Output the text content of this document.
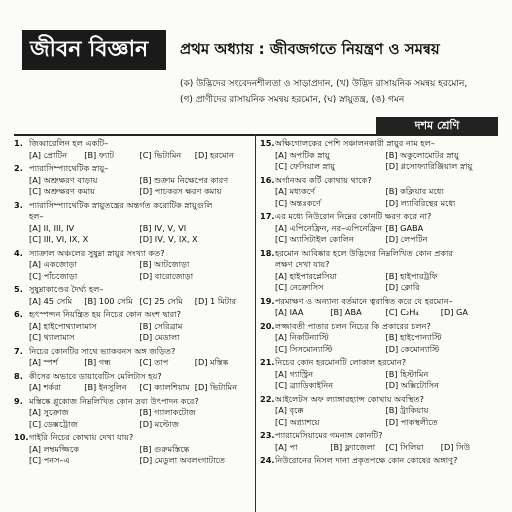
জীবন বিজ্ঞান	প্রথম অধ্যায় : জীবজগতে নিয়ন্ত্রণ ও সমন্বয়
(ক) উদ্ভিদের সংবেদনশীলতা ও সাড়াপ্রদান, (খ) উদ্ভিদ রাসায়নিক সমন্বয় হরমোন,
(গ) প্রাণীদের রাসায়নিক সমন্বয় হরমোন, (ঘ) স্নায়ুতন্ত্র, (ঙ) গমন
দশম শ্রেণি
1. জিব্বারেলিন হল একটি–
[A] প্রোটিন	[B] ফ্যাট	[C] ভিটামিন	[D] হরমোন
2. প্যারাসিম্প্যাথেটিক স্নায়ু–
[A] অশ্রুক্ষরণ বাড়ায়	[B] শুক্রাম নিক্ষেপের কারণ
[C] অশ্রুক্ষরণ কমায়	[D] পাচকরস ক্ষরণ কমায়
3. প্যারাসিম্প্যাথেটিক স্নায়ুতন্ত্রের অন্তর্গত করোটিক স্নায়ুগুলি
হল–
[A] II, III, IV	[B] IV, V, VI
[C] III, VI, IX, X	[D] IV, V, IX, X
4. স্যাক্রাল অঞ্চলের সুষুম্না স্নায়ুর সংখ্যা কত?
[A] একজোড়া	[B] আটজোড়া
[C] পাঁচজোড়া	[D] বারোজোড়া
5. সুষুম্নাকাণ্ডের দৈর্ঘ্য হল–
[A] 45 সেমি	[B] 100 সেমি [C] 25 সেমি	[D] 1 মিটার
6. হৃৎস্পন্দন নিয়ন্ত্রিত হয় নিচের কোন অংশ দ্বারা?
[A] হাইপোথ্যালামাস	[B] সেরিব্রাম
[C] থ্যালামাস	[D] মেডালা
7. নিচের কোনটির সাথে ভ্যাকবনস অঙ্গ জড়িত?
[A] স্পর্শ	[B] গন্ধ	[C] তাপ	[D] মস্তিষ্ক
8. কীসের অভাবে ডায়াবেটিস মেলিটাস হয়?
[A] শর্করা	[B] ইনসুলিন	[C] ক্যালশিয়াম [D] ভিটামিন
9. মস্তিষ্কে গ্লুকোজ নিম্নলিখিত কোন দ্রব্য উৎপাদন করে?
[A] সুক্রোজ	[B] গ্যালাকটোজ
[C] ডেক্সট্রোজ	[D] মল্টোজ
10. গাইরি নিচের কোথায় দেখা যায়?
[A] লম্বমজ্জিকে	[B] গুরুমস্তিষ্কে
[C] পনস–এ	[D] মেডুলা অবলংগাটাতে
15. অক্ষিগোলকের পেশি সঞ্চালনকারী স্নায়ুর নাম হল–
[A] অপটিক স্নায়ু	[B] অকুলোমোটর স্নায়ু
[C] ফেসিয়াল স্নায়ু	[D] গ্লসোফ্যারিঞ্জিয়াল স্নায়ু
16. অর্গানঅব কর্টি কোথায় থাকে?
[A] মধ্যকর্ণে	[B] কক্লিয়ার মধ্যে
[C] অন্তঃকর্ণে	[D] ল্যাবিরিন্থের মধ্যে
17. এর মধ্যে নিউরোন নিম্নের কোনটি ক্ষরণ করে না?
[A] এপিনেফ্রিন, নর–এপিনেফ্রিন [B] GABA
[C] অ্যাসিটাইল কোলিন	[D] লেপটিন
18. হরমোন আবিষ্কার হলে উদ্ভিদের নিম্নলিখিত কোন প্রকার
লক্ষণ দেখা যায়?
[A] হাইপারপ্লেসিয়া	[B] হাইপারট্রফি
[C] নেক্রোসিস	[D] ক্লোরি
19. পরমাক্ষণ ও অন্যান্য বর্তমানে ত্বরান্বিত করে যে হরমোন–
[A] IAA	[B] ABA	[C] C₂H₄	[D] GA
20. লজ্জাবতী পাতার চলন নিচের কি প্রকারের চলন?
[A] নিকটিন্যাস্টি	[B] হাইপোন্যাস্টি
[C] সিসমোন্যাস্টি	[D] কেমোন্যাস্টি
21. নিচের কোন হরমোনটি লোকাল হরমোন?
[A] গ্যাস্ট্রিন	[B] হিস্টামিন
[C] ব্র্যাডিকাইনিন	[D] অক্সিটোসিন
22. আইলেটস অফ ল্যাঙ্গারহ্যান্স কোথায় অবস্থিত?
[A] বৃক্কে	[B] ট্রাকিয়ায়
[C] অগ্ন্যাশয়ে	[D] পাকস্থলীতে
23. প্যারামেসিয়ামের গমনাঙ্গ কোনটি?
[A] পা	[B] ফ্ল্যাজেলা	[C] সিলিয়া	[D] সিউ
24. নিউরোনের নিসল দানা প্রকৃতপক্ষে কোন কোষের অঙ্গাণু?
